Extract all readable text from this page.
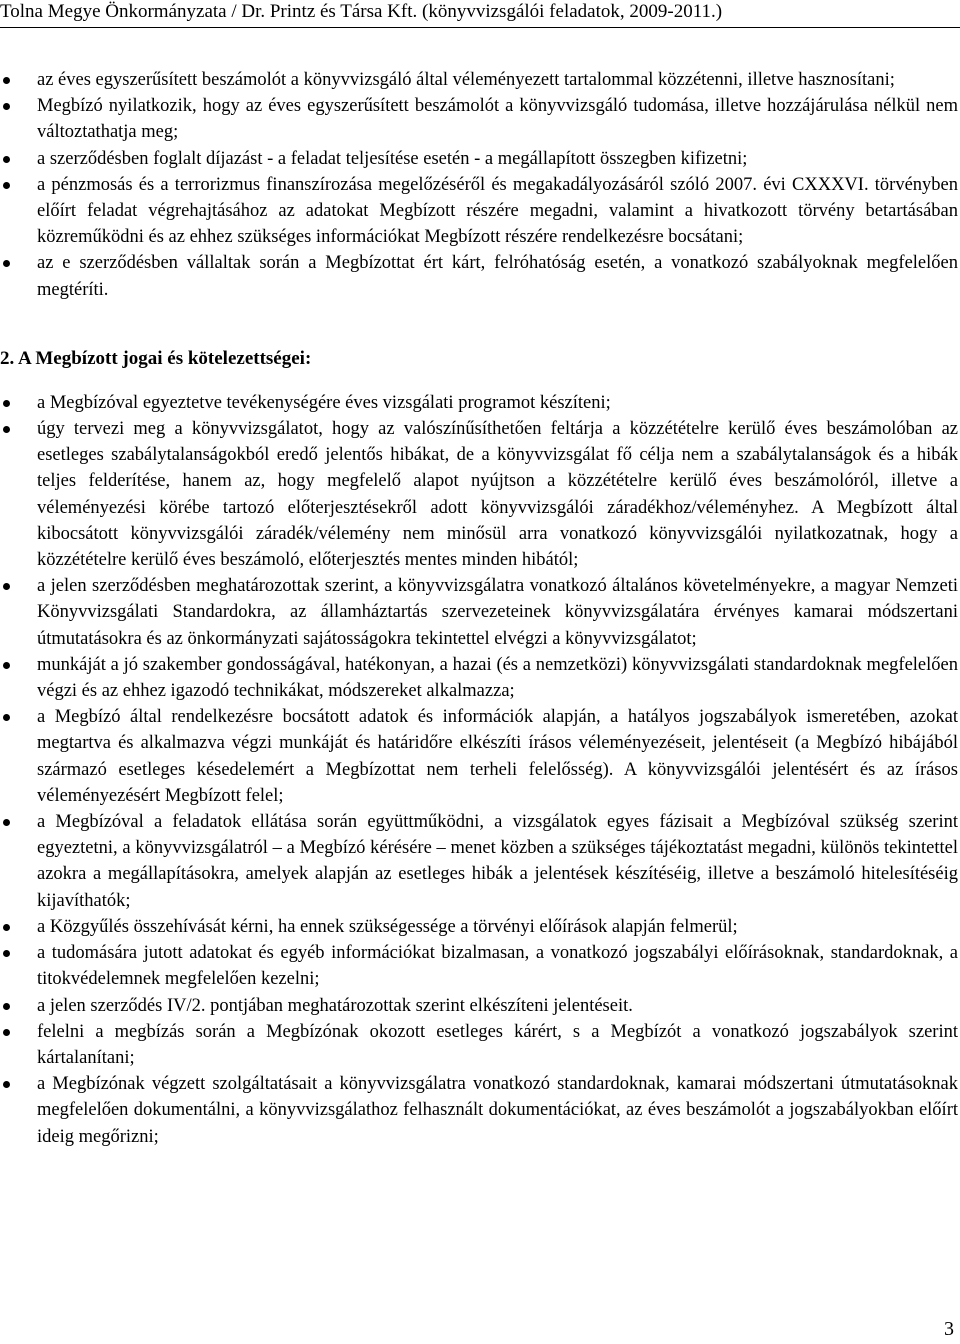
Tolna Megye Önkormányzata / Dr. Printz és Társa Kft. (könyvvizsgálói feladatok, 2009-2011.)
az éves egyszerűsített beszámolót a könyvvizsgáló által véleményezett tartalommal közzétenni, illetve hasznosítani;
Megbízó nyilatkozik, hogy az éves egyszerűsített beszámolót a könyvvizsgáló tudomása, illetve hozzájárulása nélkül nem változtathatja meg;
a szerződésben foglalt díjazást - a feladat teljesítése esetén - a megállapított összegben kifizetni;
a pénzmosás és a terrorizmus finanszírozása megelőzéséről és megakadályozásáról szóló 2007. évi CXXXVI. törvényben előírt feladat végrehajtásához az adatokat Megbízott részére megadni, valamint a hivatkozott törvény betartásában közreműködni és az ehhez szükséges információkat Megbízott részére rendelkezésre bocsátani;
az e szerződésben vállaltak során a Megbízottat ért kárt, felróhatóság esetén, a vonatkozó szabályoknak megfelelően megtéríti.
2. A Megbízott jogai és kötelezettségei:
a Megbízóval egyeztetve tevékenységére éves vizsgálati programot készíteni;
úgy tervezi meg a könyvvizsgálatot, hogy az valószínűsíthetően feltárja a közzétételre kerülő éves beszámolóban az esetleges szabálytalanságokból eredő jelentős hibákat, de a könyvvizsgálat fő célja nem a szabálytalanságok és a hibák teljes felderítése, hanem az, hogy megfelelő alapot nyújtson a közzétételre kerülő éves beszámolóról, illetve a véleményezési körébe tartozó előterjesztésekről adott könyvvizsgálói záradékhoz/véleményhez. A Megbízott által kibocsátott könyvvizsgálói záradék/vélemény nem minősül arra vonatkozó könyvvizsgálói nyilatkozatnak, hogy a közzétételre kerülő éves beszámoló, előterjesztés mentes minden hibától;
a jelen szerződésben meghatározottak szerint, a könyvvizsgálatra vonatkozó általános követelményekre, a magyar Nemzeti Könyvvizsgálati Standardokra, az államháztartás szervezeteinek könyvvizsgálatára érvényes kamarai módszertani útmutatásokra és az önkormányzati sajátosságokra tekintettel elvégzi a könyvvizsgálatot;
munkáját a jó szakember gondosságával, hatékonyan, a hazai (és a nemzetközi) könyvvizsgálati standardoknak megfelelően végzi és az ehhez igazodó technikákat, módszereket alkalmazza;
a Megbízó által rendelkezésre bocsátott adatok és információk alapján, a hatályos jogszabályok ismeretében, azokat megtartva és alkalmazva végzi munkáját és határidőre elkészíti írásos véleményezéseit, jelentéseit (a Megbízó hibájából származó esetleges késedelemért a Megbízottat nem terheli felelősség). A könyvvizsgálói jelentésért és az írásos véleményezésért Megbízott felel;
a Megbízóval a feladatok ellátása során együttműködni, a vizsgálatok egyes fázisait a Megbízóval szükség szerint egyeztetni, a könyvvizsgálatról – a Megbízó kérésére – menet közben a szükséges tájékoztatást megadni, különös tekintettel azokra a megállapításokra, amelyek alapján az esetleges hibák a jelentések készítéséig, illetve a beszámoló hitelesítéséig kijavíthatók;
a Közgyűlés összehívását kérni, ha ennek szükségessége a törvényi előírások alapján felmerül;
a tudomására jutott adatokat és egyéb információkat bizalmasan, a vonatkozó jogszabályi előírásoknak, standardoknak, a titokvédelemnek megfelelően kezelni;
a jelen szerződés IV/2. pontjában meghatározottak szerint elkészíteni jelentéseit.
felelni a megbízás során a Megbízónak okozott esetleges kárért, s a Megbízót a vonatkozó jogszabályok szerint kártalanítani;
a Megbízónak végzett szolgáltatásait a könyvvizsgálatra vonatkozó standardoknak, kamarai módszertani útmutatásoknak megfelelően dokumentálni, a könyvvizsgálathoz felhasznált dokumentációkat, az éves beszámolót a jogszabályokban előírt ideig megőrizni;
3
